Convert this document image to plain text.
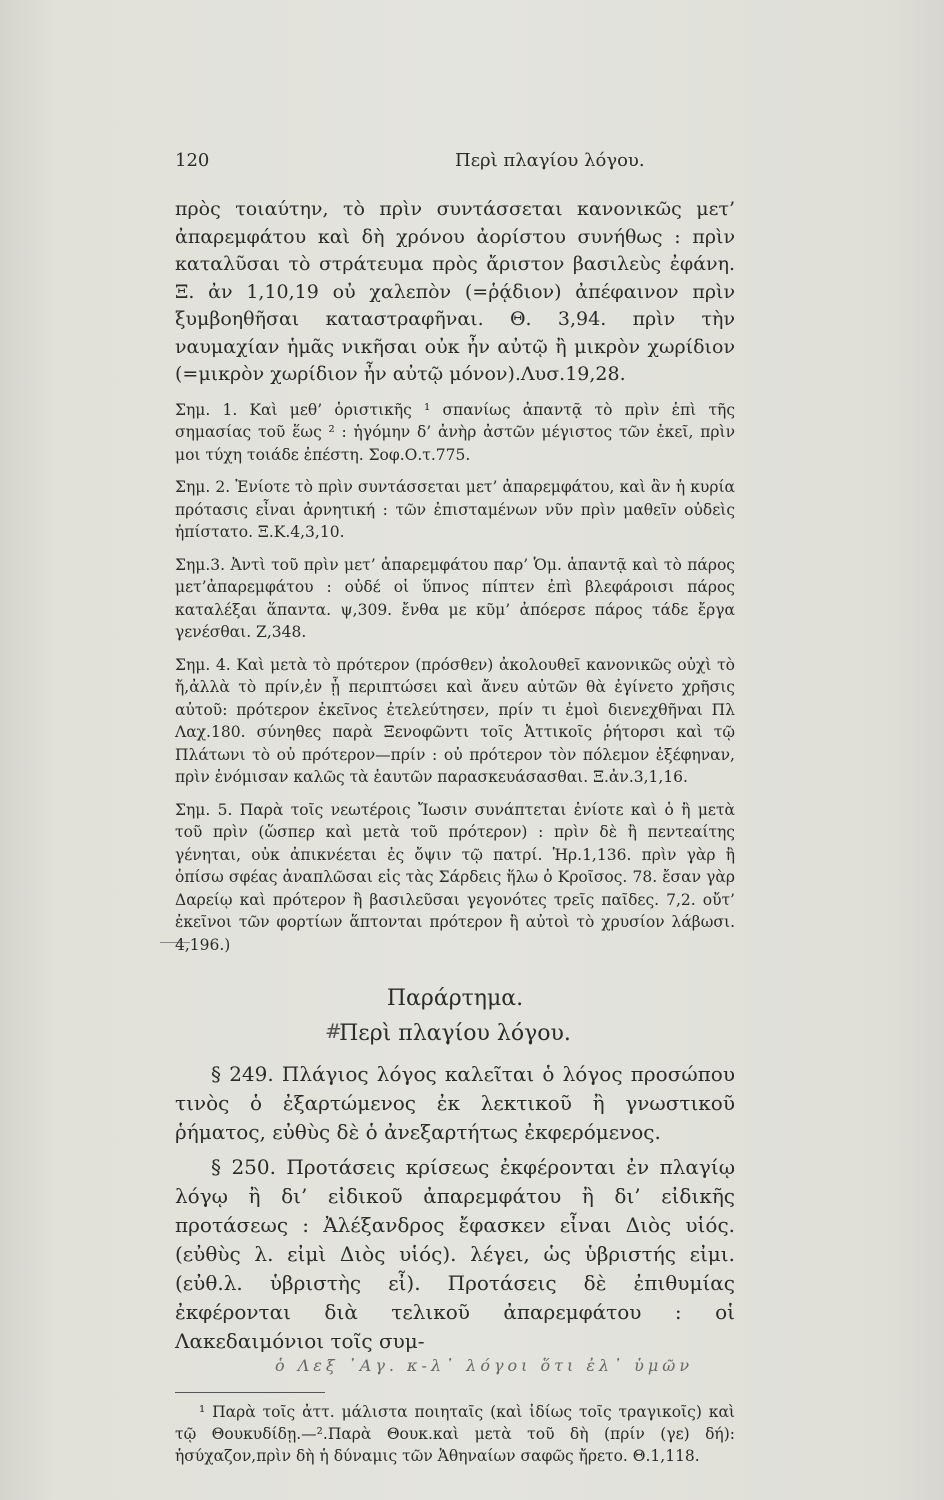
120	Περὶ πλαγίου λόγου.

πρὸς τοιαύτην, τὸ πρὶν συντάσσεται κανονικῶς μετ’ ἀπαρεμφάτου καὶ δὴ χρόνου ἀορίστου συνήθως : πρὶν καταλῦσαι τὸ στράτευμα πρὸς ἄριστον βασιλεὺς ἐφάνη. Ξ. ἀν 1,10,19 οὐ χαλεπὸν (=ῥᾴδιον) ἀπέφαινον πρὶν ξυμβοηθῆσαι καταστραφῆναι. Θ. 3,94. πρὶν τὴν ναυμαχίαν ἡμᾶς νικῆσαι οὐκ ἦν αὐτῷ ἢ μικρὸν χωρίδιον (=μικρὸν χωρίδιον ἦν αὐτῷ μόνον).Λυσ.19,28.

Σημ. 1. Καὶ μεθ’ ὁριστικῆς ¹ σπανίως ἀπαντᾷ τὸ πρὶν ἐπὶ τῆς σημασίας τοῦ ἕως ² : ἡγόμην δ’ ἀνὴρ ἀστῶν μέγιστος τῶν ἐκεῖ, πρὶν μοι τύχη τοιάδε ἐπέστη. Σοφ.Ο.τ.775.

Σημ. 2. Ἐνίοτε τὸ πρὶν συντάσσεται μετ’ ἀπαρεμφάτου, καὶ ἂν ἡ κυρία πρότασις εἶναι ἀρνητική : τῶν ἐπισταμένων νῦν πρὶν μαθεῖν οὐδεὶς ἠπίστατο. Ξ.Κ.4,3,10.

Σημ.3. Ἀντὶ τοῦ πρὶν μετ’ ἀπαρεμφάτου παρ’ Ὁμ. ἀπαντᾷ καὶ τὸ πάρος μετ’ἀπαρεμφάτου : οὐδέ οἱ ὕπνος πίπτεν ἐπὶ βλεφάροισι πάρος καταλέξαι ἅπαντα. ψ,309. ἔνθα με κῦμ’ ἀπόερσε πάρος τάδε ἔργα γενέσθαι. Ζ,348.

Σημ. 4. Καὶ μετὰ τὸ πρότερον (πρόσθεν) ἀκολουθεῖ κανονικῶς οὐχὶ τὸ ἤ,ἀλλὰ τὸ πρίν,ἐν ᾗ περιπτώσει καὶ ἄνευ αὐτῶν θὰ ἐγίνετο χρῆσις αὐτοῦ: πρότερον ἐκεῖνος ἐτελεύτησεν, πρίν τι ἐμοὶ διενεχθῆναι Πλ Λαχ.180. σύνηθες παρὰ Ξενοφῶντι τοῖς Ἀττικοῖς ῥήτορσι καὶ τῷ Πλάτωνι τὸ οὐ πρότερον—πρίν : οὐ πρότερον τὸν πόλεμον ἐξέφηναν, πρὶν ἐνόμισαν καλῶς τὰ ἑαυτῶν παρασκευάσασθαι. Ξ.ἀν.3,1,16.

Σημ. 5. Παρὰ τοῖς νεωτέροις Ἴωσιν συνάπτεται ἐνίοτε καὶ ὁ ἢ μετὰ τοῦ πρὶν (ὥσπερ καὶ μετὰ τοῦ πρότερον) : πρὶν δὲ ἢ πεντεαίτης γένηται, οὐκ ἀπικνέεται ἐς ὄψιν τῷ πατρί. Ἡρ.1,136. πρὶν γὰρ ἢ ὀπίσω σφέας ἀναπλῶσαι εἰς τὰς Σάρδεις ἥλω ὁ Κροῖσος. 78. ἔσαν γὰρ Δαρείῳ καὶ πρότερον ἢ βασιλεῦσαι γεγονότες τρεῖς παῖδες. 7,2. οὔτ’ ἐκεῖνοι τῶν φορτίων ἅπτονται πρότερον ἢ αὐτοὶ τὸ χρυσίον λάβωσι. 4,196.)

Παράρτημα.

#
Περὶ πλαγίου λόγου.

§ 249. Πλάγιος λόγος καλεῖται ὁ λόγος προσώπου τινὸς ὁ ἐξαρτώμενος ἐκ λεκτικοῦ ἢ γνωστικοῦ ῥήματος, εὐθὺς δὲ ὁ ἀνεξαρτήτως ἐκφερόμενος.

§ 250. Προτάσεις κρίσεως ἐκφέρονται ἐν πλαγίῳ λόγῳ ἢ δι’ εἰδικοῦ ἀπαρεμφάτου ἢ δι’ εἰδικῆς προτάσεως : Ἀλέξανδρος ἔφασκεν εἶναι Διὸς υἱός. (εὐθὺς λ. εἰμὶ Διὸς υἱός). λέγει, ὡς ὑβριστής εἰμι. (εὐθ.λ. ὑβριστὴς εἶ). Προτάσεις δὲ ἐπιθυμίας ἐκφέρονται διὰ τελικοῦ ἀπαρεμφάτου : οἱ Λακεδαιμόνιοι τοῖς συμ-

ὁ Λεξ ᾽Αγ. κ-λ᾽ λόγοι ὅτι ἐλ᾽ ὑμῶν

¹ Παρὰ τοῖς ἀττ. μάλιστα ποιηταῖς (καὶ ἰδίως τοῖς τραγικοῖς) καὶ τῷ Θουκυδίδῃ.—².Παρὰ Θουκ.καὶ μετὰ τοῦ δὴ (πρίν (γε) δή): ἡσύχαζον,πρὶν δὴ ἡ δύναμις τῶν Ἀθηναίων σαφῶς ἤρετο. Θ.1,118.
